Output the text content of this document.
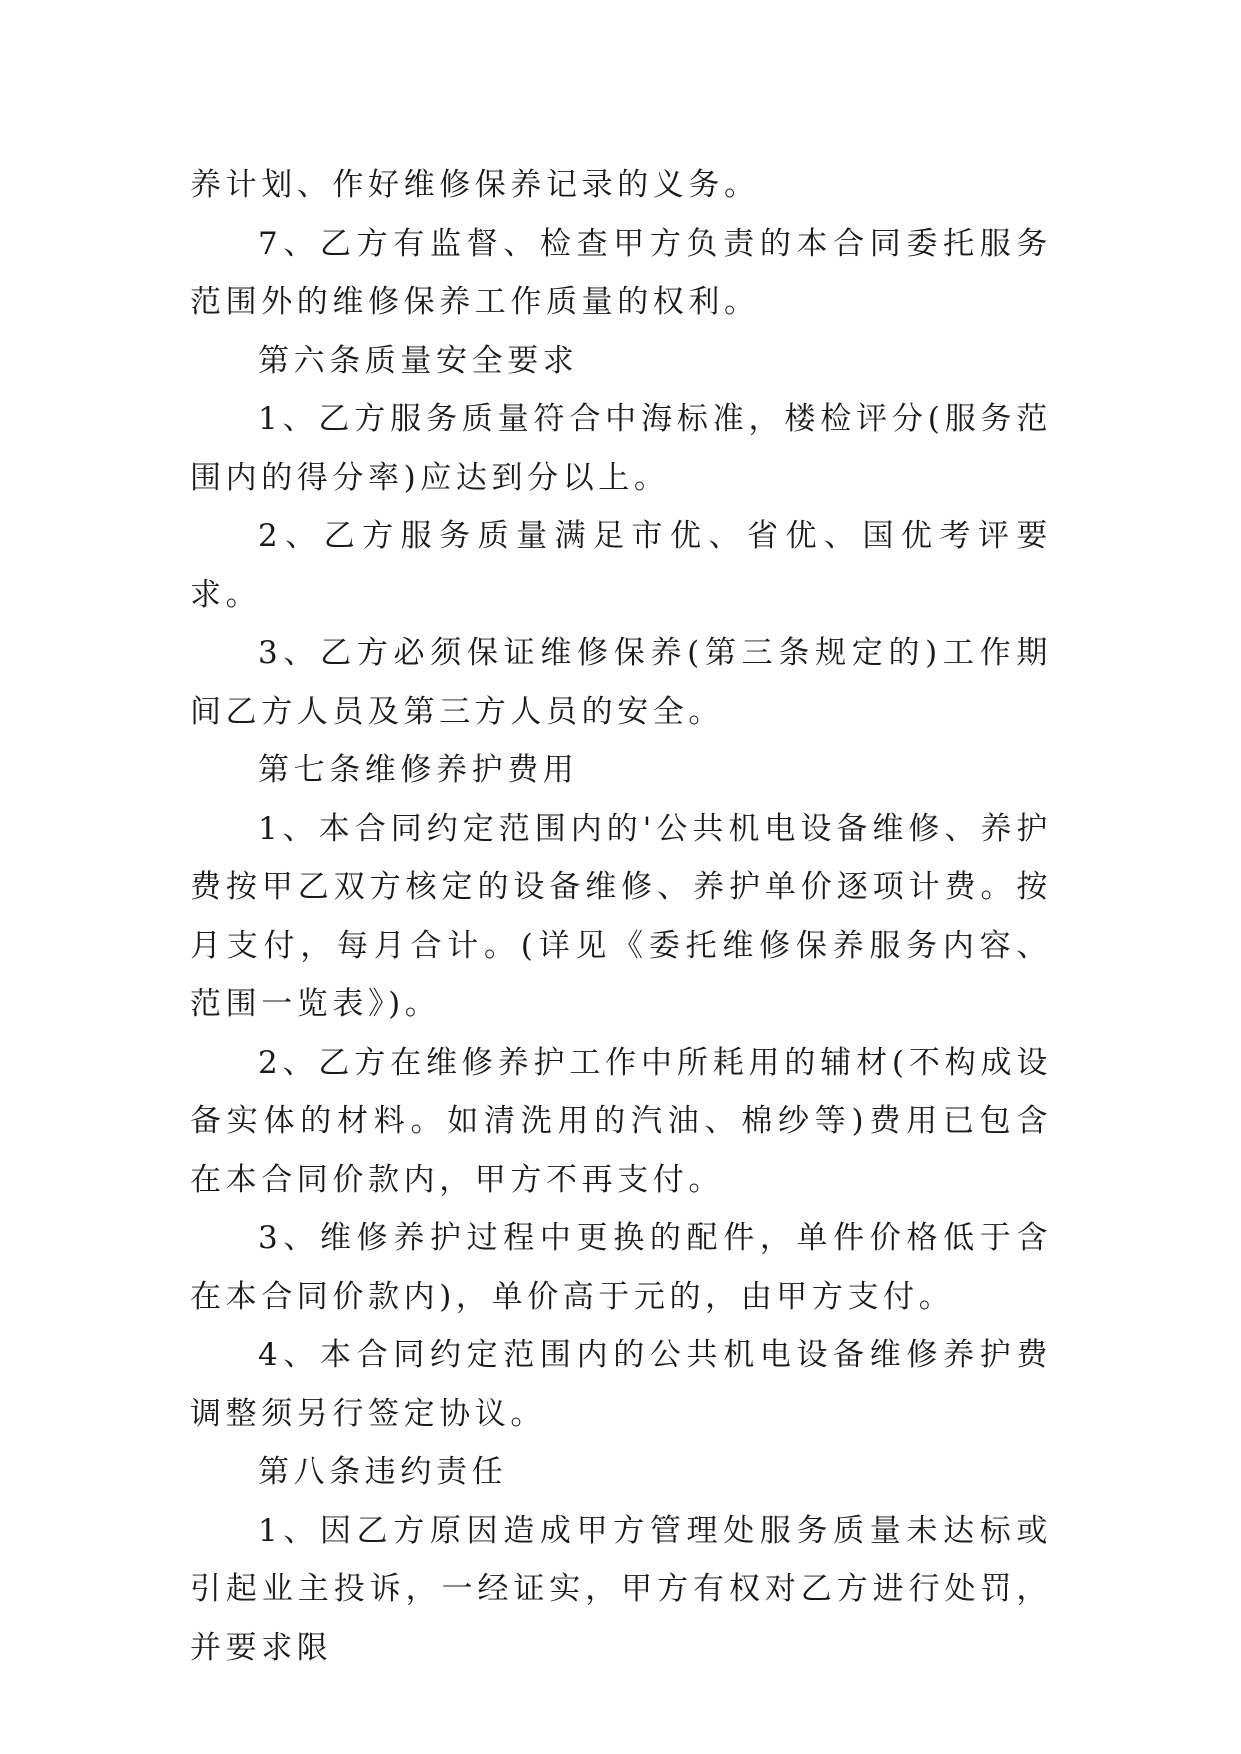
养计划、作好维修保养记录的义务。

7、乙方有监督、检查甲方负责的本合同委托服务范围外的维修保养工作质量的权利。

第六条质量安全要求

1、乙方服务质量符合中海标准，楼检评分(服务范围内的得分率)应达到分以上。

2、乙方服务质量满足市优、省优、国优考评要求。

3、乙方必须保证维修保养(第三条规定的)工作期间乙方人员及第三方人员的安全。

第七条维修养护费用

1、本合同约定范围内的'公共机电设备维修、养护费按甲乙双方核定的设备维修、养护单价逐项计费。按月支付，每月合计。(详见《委托维修保养服务内容、范围一览表》)。

2、乙方在维修养护工作中所耗用的辅材(不构成设备实体的材料。如清洗用的汽油、棉纱等)费用已包含在本合同价款内，甲方不再支付。

3、维修养护过程中更换的配件，单件价格低于含在本合同价款内)，单价高于元的，由甲方支付。

4、本合同约定范围内的公共机电设备维修养护费调整须另行签定协议。

第八条违约责任

1、因乙方原因造成甲方管理处服务质量未达标或引起业主投诉，一经证实，甲方有权对乙方进行处罚，并要求限
